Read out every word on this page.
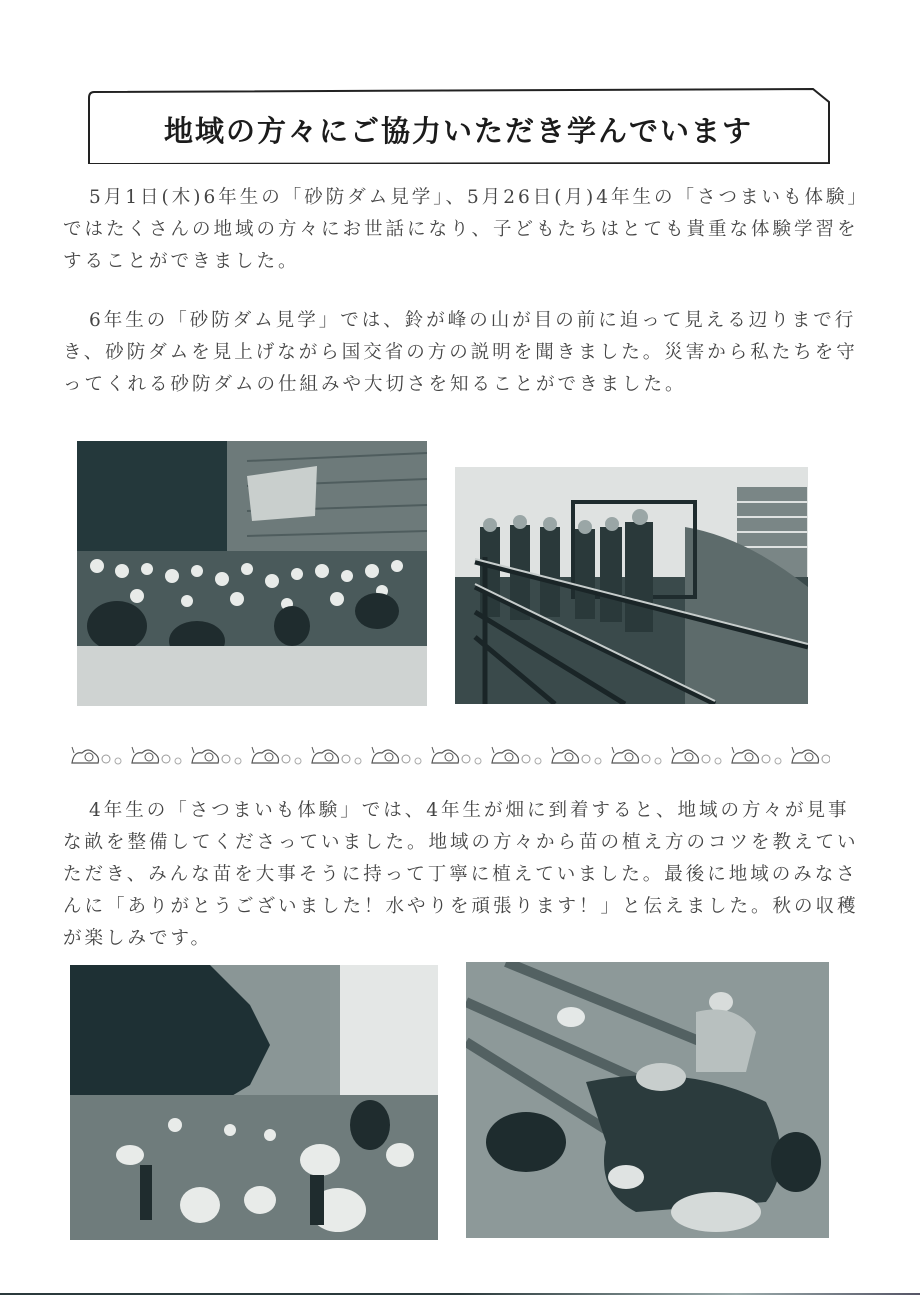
地域の方々にご協力いただき学んでいます

5月1日(木)6年生の「砂防ダム見学」、5月26日(月)4年生の「さつまいも体験」ではたくさんの地域の方々にお世話になり、子どもたちはとても貴重な体験学習をすることができました。

6年生の「砂防ダム見学」では、鈴が峰の山が目の前に迫って見える辺りまで行き、砂防ダムを見上げながら国交省の方の説明を聞きました。災害から私たちを守ってくれる砂防ダムの仕組みや大切さを知ることができました。

4年生の「さつまいも体験」では、4年生が畑に到着すると、地域の方々が見事な畝を整備してくださっていました。地域の方々から苗の植え方のコツを教えていただき、みんな苗を大事そうに持って丁寧に植えていました。最後に地域のみなさんに「ありがとうございました！水やりを頑張ります！」と伝えました。秋の収穫が楽しみです。
